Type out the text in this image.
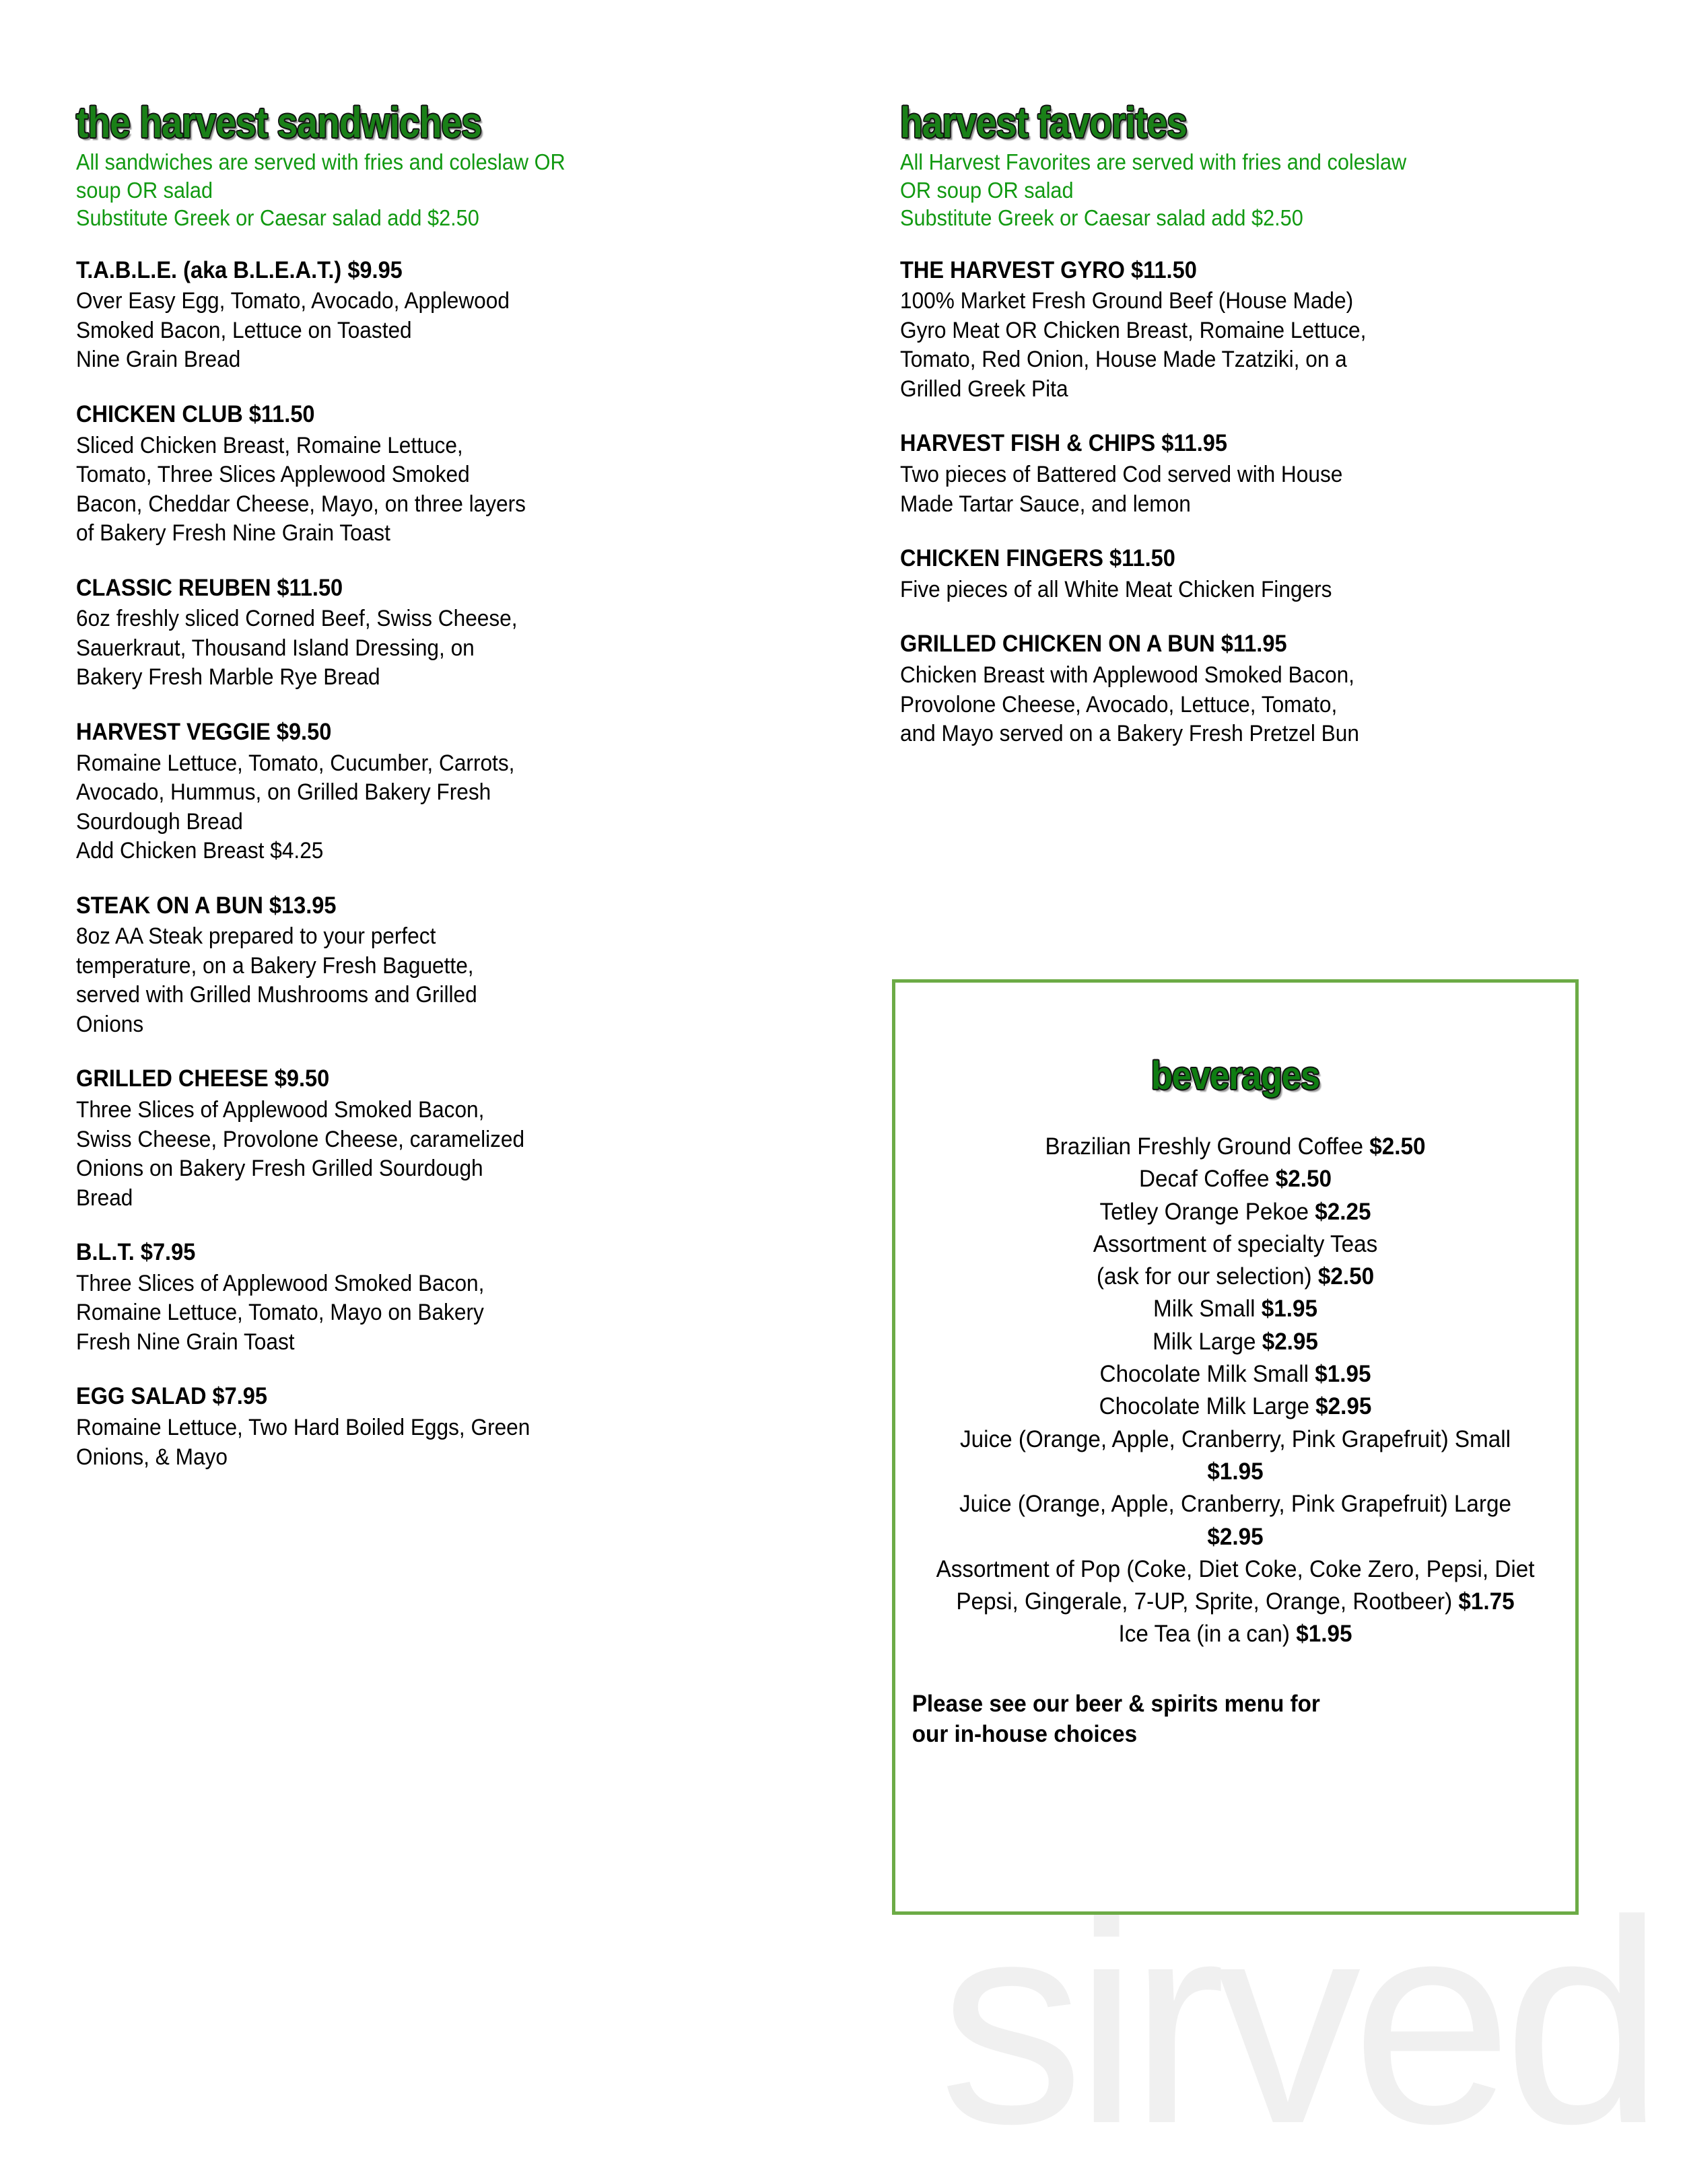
sirved
the harvest sandwiches
All sandwiches are served with fries and coleslaw OR
soup OR salad
Substitute Greek or Caesar salad add $2.50
T.A.B.L.E. (aka B.L.E.A.T.) $9.95
Over Easy Egg, Tomato, Avocado, Applewood
Smoked Bacon, Lettuce on Toasted
Nine Grain Bread
CHICKEN CLUB $11.50
Sliced Chicken Breast, Romaine Lettuce,
Tomato, Three Slices Applewood Smoked
Bacon, Cheddar Cheese, Mayo, on three layers
of Bakery Fresh Nine Grain Toast
CLASSIC REUBEN $11.50
6oz freshly sliced Corned Beef, Swiss Cheese,
Sauerkraut, Thousand Island Dressing, on
Bakery Fresh Marble Rye Bread
HARVEST VEGGIE $9.50
Romaine Lettuce, Tomato, Cucumber, Carrots,
Avocado, Hummus, on Grilled Bakery Fresh
Sourdough Bread
Add Chicken Breast $4.25
STEAK ON A BUN $13.95
8oz AA Steak prepared to your perfect
temperature, on a Bakery Fresh Baguette,
served with Grilled Mushrooms and Grilled
Onions
GRILLED CHEESE $9.50
Three Slices of Applewood Smoked Bacon,
Swiss Cheese, Provolone Cheese, caramelized
Onions on Bakery Fresh Grilled Sourdough
Bread
B.L.T. $7.95
Three Slices of Applewood Smoked Bacon,
Romaine Lettuce, Tomato, Mayo on Bakery
Fresh Nine Grain Toast
EGG SALAD $7.95
Romaine Lettuce, Two Hard Boiled Eggs, Green
Onions, & Mayo
harvest favorites
All Harvest Favorites are served with fries and coleslaw
OR soup OR salad
Substitute Greek or Caesar salad add $2.50
THE HARVEST GYRO $11.50
100% Market Fresh Ground Beef (House Made)
Gyro Meat OR Chicken Breast, Romaine Lettuce,
Tomato, Red Onion, House Made Tzatziki, on a
Grilled Greek Pita
HARVEST FISH & CHIPS $11.95
Two pieces of Battered Cod served with House
Made Tartar Sauce, and lemon
CHICKEN FINGERS $11.50
Five pieces of all White Meat Chicken Fingers
GRILLED CHICKEN ON A BUN $11.95
Chicken Breast with Applewood Smoked Bacon,
Provolone Cheese, Avocado, Lettuce, Tomato,
and Mayo served on a Bakery Fresh Pretzel Bun
beverages
Brazilian Freshly Ground Coffee $2.50
Decaf Coffee $2.50
Tetley Orange Pekoe $2.25
Assortment of specialty Teas
(ask for our selection) $2.50
Milk Small $1.95
Milk Large $2.95
Chocolate Milk Small $1.95
Chocolate Milk Large $2.95
Juice (Orange, Apple, Cranberry, Pink Grapefruit) Small $1.95
Juice (Orange, Apple, Cranberry, Pink Grapefruit) Large $2.95
Assortment of Pop (Coke, Diet Coke, Coke Zero, Pepsi, Diet Pepsi, Gingerale, 7-UP, Sprite, Orange, Rootbeer) $1.75
Ice Tea (in a can) $1.95
Please see our beer & spirits menu for
our in-house choices
